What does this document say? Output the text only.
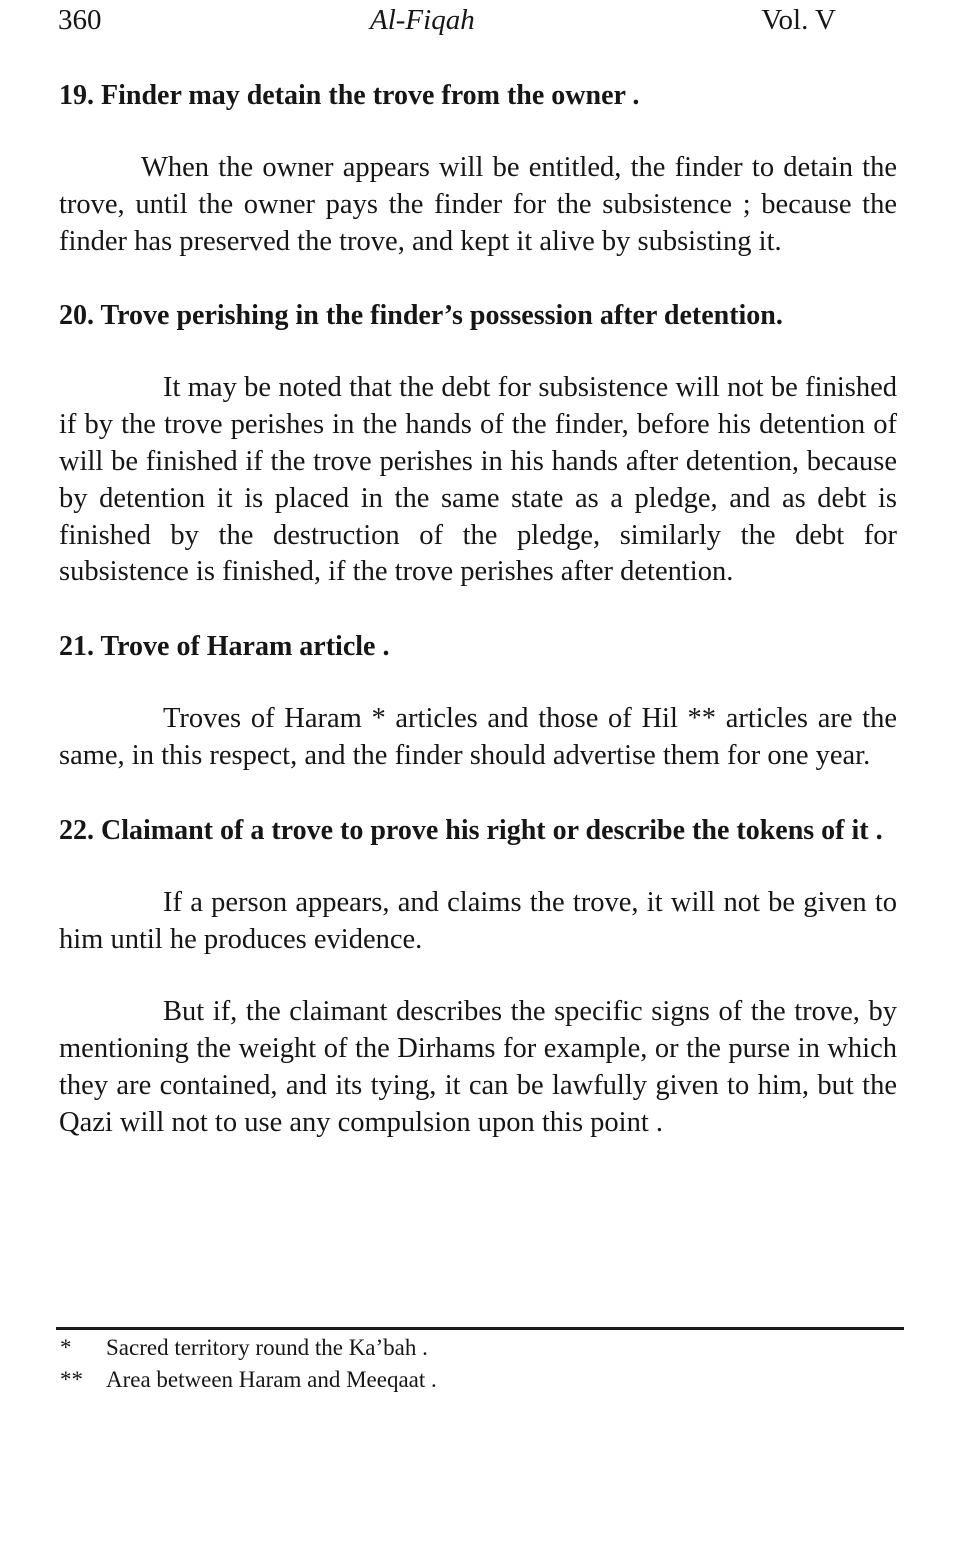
360	Al-Fiqah	Vol. V

19. Finder may detain the trove from the owner .

When the owner appears will be entitled, the finder to detain the trove, until the owner pays the finder for the subsistence ; because the finder has preserved the trove, and kept it alive by subsisting it.

20. Trove perishing in the finder’s possession after detention.

It may be noted that the debt for subsistence will not be finished if by the trove perishes in the hands of the finder, before his detention of will be finished if the trove perishes in his hands after detention, because by detention it is placed in the same state as a pledge, and as debt is finished by the destruction of the pledge, similarly the debt for subsistence is finished, if the trove perishes after detention.

21. Trove of Haram article .

Troves of Haram * articles and those of Hil ** articles are the same, in this respect, and the finder should advertise them for one year.

22. Claimant of a trove to prove his right or describe the tokens of it .

If a person appears, and claims the trove, it will not be given to him until he produces evidence.

But if, the claimant describes the specific signs of the trove, by mentioning the weight of the Dirhams for example, or the purse in which they are contained, and its tying, it can be lawfully given to him, but the Qazi will not to use any compulsion upon this point .

* Sacred territory round the Ka’bah .
** Area between Haram and Meeqaat .
